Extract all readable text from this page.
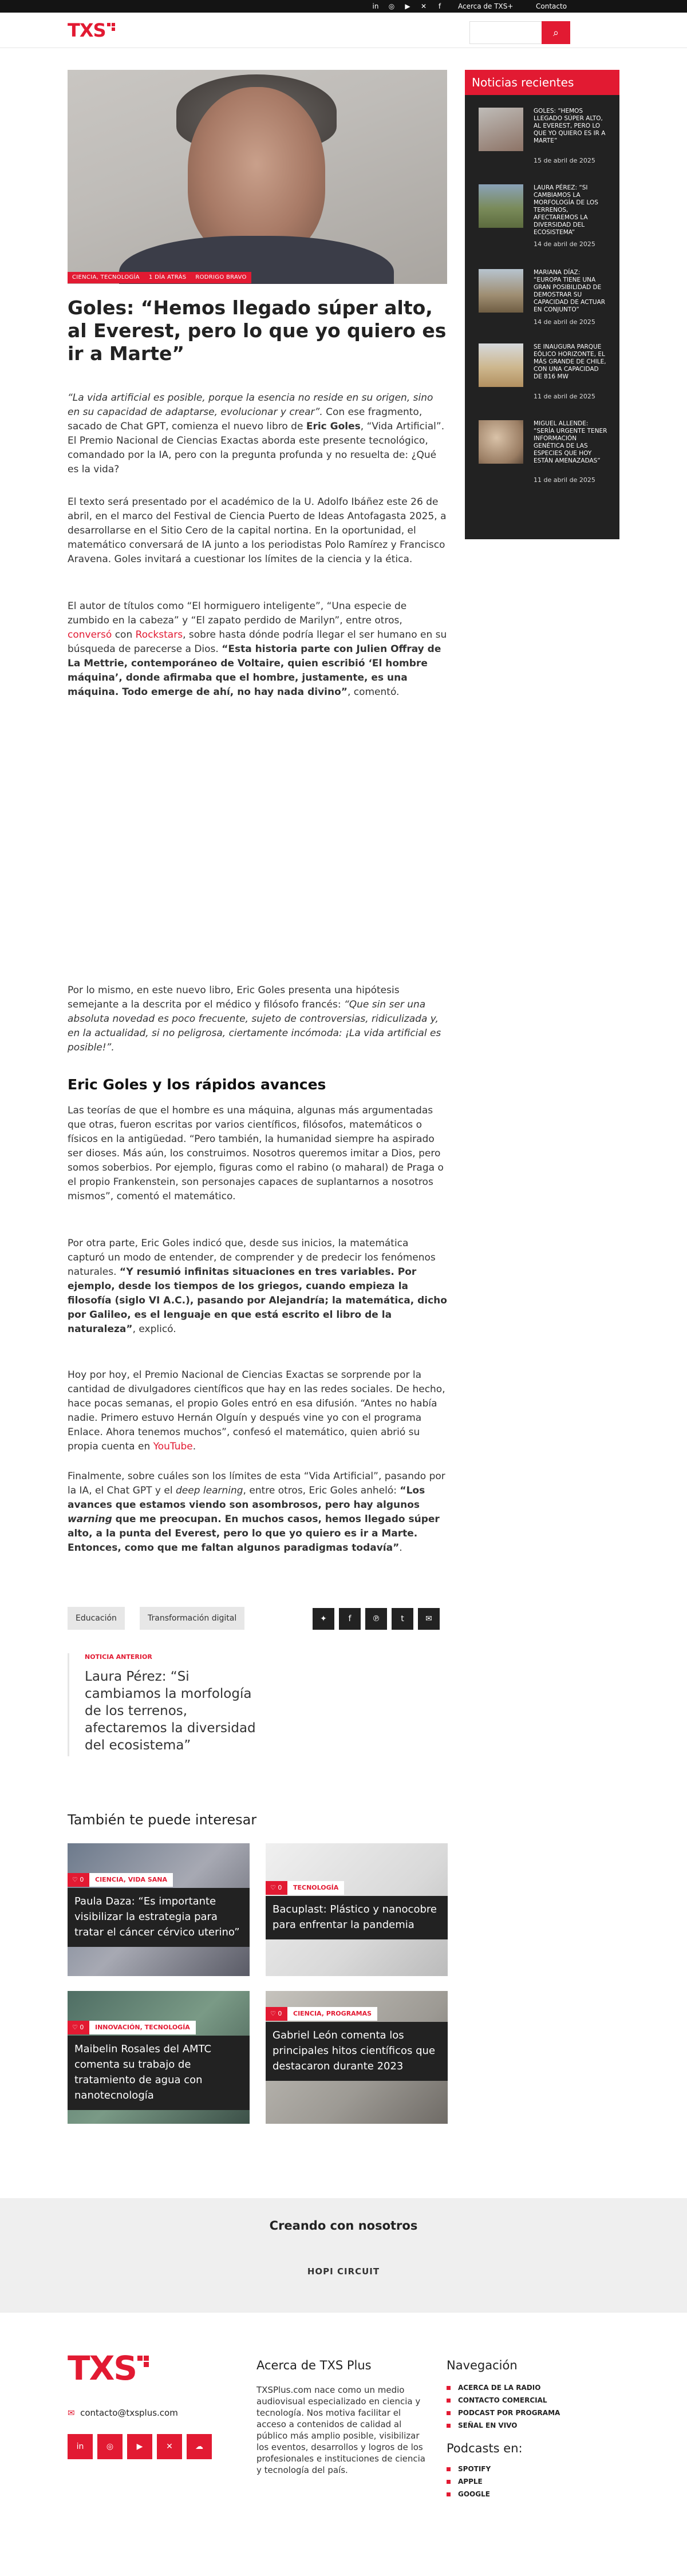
in ◎ ▶ ✕	f	Acerca de TXS+	Contacto
TXS	⌕
CIENCIA, TECNOLOGÍA	1 DÍA ATRÁS	RODRIGO BRAVO
Goles: “Hemos llegado súper alto, al Everest, pero lo que yo quiero es ir a Marte”

“La vida artificial es posible, porque la esencia no reside en su origen, sino en su capacidad de adaptarse, evolucionar y crear”. Con ese fragmento, sacado de Chat GPT, comienza el nuevo libro de Eric Goles, “Vida Artificial”. El Premio Nacional de Ciencias Exactas aborda este presente tecnológico, comandado por la IA, pero con la pregunta profunda y no resuelta de: ¿Qué es la vida?

El texto será presentado por el académico de la U. Adolfo Ibáñez este 26 de abril, en el marco del Festival de Ciencia Puerto de Ideas Antofagasta 2025, a desarrollarse en el Sitio Cero de la capital nortina. En la oportunidad, el matemático conversará de IA junto a los periodistas Polo Ramírez y Francisco Aravena. Goles invitará a cuestionar los límites de la ciencia y la ética.

El autor de títulos como “El hormiguero inteligente”, “Una especie de zumbido en la cabeza” y “El zapato perdido de Marilyn”, entre otros, conversó con Rockstars, sobre hasta dónde podría llegar el ser humano en su búsqueda de parecerse a Dios. “Esta historia parte con Julien Offray de La Mettrie, contemporáneo de Voltaire, quien escribió ‘El hombre máquina’, donde afirmaba que el hombre, justamente, es una máquina. Todo emerge de ahí, no hay nada divino”, comentó.

Por lo mismo, en este nuevo libro, Eric Goles presenta una hipótesis semejante a la descrita por el médico y filósofo francés: “Que sin ser una absoluta novedad es poco frecuente, sujeto de controversias, ridiculizada y, en la actualidad, si no peligrosa, ciertamente incómoda: ¡La vida artificial es posible!”.

Eric Goles y los rápidos avances
Las teorías de que el hombre es una máquina, algunas más argumentadas que otras, fueron escritas por varios científicos, filósofos, matemáticos o físicos en la antigüedad. “Pero también, la humanidad siempre ha aspirado ser dioses. Más aún, los construimos. Nosotros queremos imitar a Dios, pero somos soberbios. Por ejemplo, figuras como el rabino (o maharal) de Praga o el propio Frankenstein, son personajes capaces de suplantarnos a nosotros mismos”, comentó el matemático.

Por otra parte, Eric Goles indicó que, desde sus inicios, la matemática capturó un modo de entender, de comprender y de predecir los fenómenos naturales. “Y resumió infinitas situaciones en tres variables. Por ejemplo, desde los tiempos de los griegos, cuando empieza la filosofía (siglo VI A.C.), pasando por Alejandría; la matemática, dicho por Galileo, es el lenguaje en que está escrito el libro de la naturaleza”, explicó.

Hoy por hoy, el Premio Nacional de Ciencias Exactas se sorprende por la cantidad de divulgadores científicos que hay en las redes sociales. De hecho, hace pocas semanas, el propio Goles entró en esa difusión. “Antes no había nadie. Primero estuvo Hernán Olguín y después vine yo con el programa Enlace. Ahora tenemos muchos”, confesó el matemático, quien abrió su propia cuenta en YouTube.

Finalmente, sobre cuáles son los límites de esta “Vida Artificial”, pasando por la IA, el Chat GPT y el deep learning, entre otros, Eric Goles anheló: “Los avances que estamos viendo son asombrosos, pero hay algunos warning que me preocupan. En muchos casos, hemos llegado súper alto, a la punta del Everest, pero lo que yo quiero es ir a Marte. Entonces, como que me faltan algunos paradigmas todavía”.

Educación	Transformación digital	✦	f	℗	t	✉
NOTICIA ANTERIOR
Laura Pérez: “Si cambiamos la morfología de los terrenos, afectaremos la diversidad del ecosistema”
Noticias recientes
GOLES: “HEMOS LLEGADO SÚPER ALTO, AL EVEREST, PERO LO QUE YO QUIERO ES IR A MARTE”
15 de abril de 2025
LAURA PÉREZ: “SI CAMBIAMOS LA MORFOLOGÍA DE LOS TERRENOS, AFECTAREMOS LA DIVERSIDAD DEL ECOSISTEMA”
14 de abril de 2025
MARIANA DÍAZ: “EUROPA TIENE UNA GRAN POSIBILIDAD DE DEMOSTRAR SU CAPACIDAD DE ACTUAR EN CONJUNTO”
14 de abril de 2025
SE INAUGURA PARQUE EÓLICO HORIZONTE, EL MÁS GRANDE DE CHILE, CON UNA CAPACIDAD DE 816 MW
11 de abril de 2025
MIGUEL ALLENDE: “SERÍA URGENTE TENER INFORMACIÓN GENÉTICA DE LAS ESPECIES QUE HOY ESTÁN AMENAZADAS”
11 de abril de 2025
También te puede interesar
♡ 0	CIENCIA, VIDA SANA
Paula Daza: “Es importante visibilizar la estrategia para tratar el cáncer cérvico uterino”
♡ 0	TECNOLOGÍA
Bacuplast: Plástico y nanocobre para enfrentar la pandemia
♡ 0	INNOVACIÓN, TECNOLOGÍA
Maibelin Rosales del AMTC comenta su trabajo de tratamiento de agua con nanotecnología
♡ 0	CIENCIA, PROGRAMAS
Gabriel León comenta los principales hitos científicos que destacaron durante 2023
Creando con nosotros
HOPI CIRCUIT
TXS
✉ contacto@txsplus.com
in	◎	▶	✕	☁
Acerca de TXS Plus
TXSPlus.com nace como un medio audiovisual especializado en ciencia y tecnología. Nos motiva facilitar el acceso a contenidos de calidad al público más amplio posible, visibilizar los eventos, desarrollos y logros de los profesionales e instituciones de ciencia y tecnología del país.
Navegación
ACERCA DE LA RADIO
CONTACTO COMERCIAL
PODCAST POR PROGRAMA
SEÑAL EN VIVO
Podcasts en:
SPOTIFY
APPLE
GOOGLE
